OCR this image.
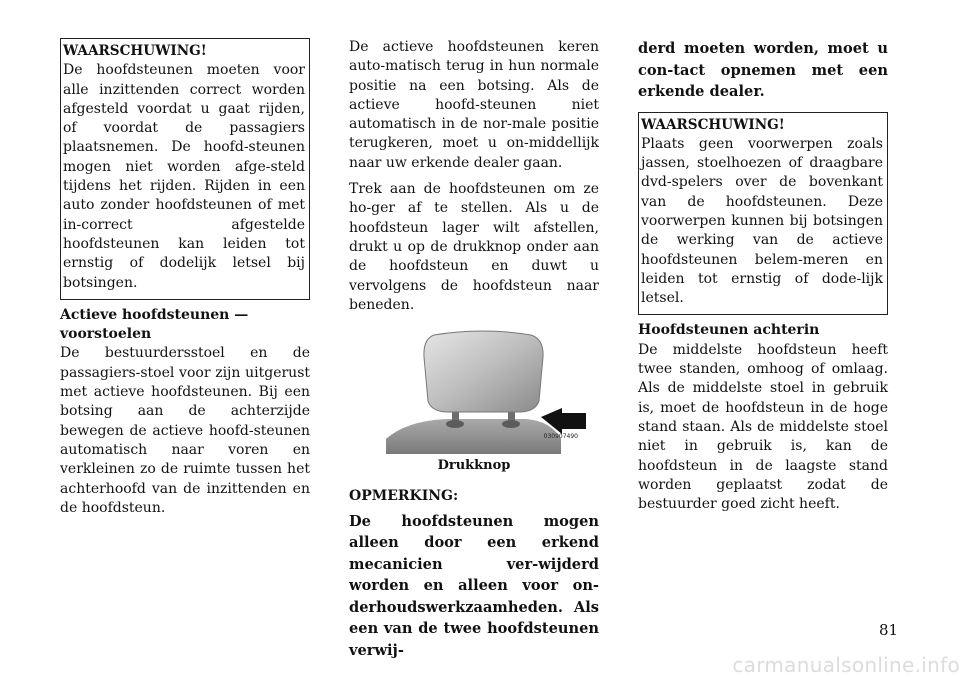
WAARSCHUWING!

De hoofdsteunen moeten voor alle inzittenden correct worden afgesteld voordat u gaat rijden, of voordat de passagiers plaatsnemen. De hoofd-steunen mogen niet worden afge-steld tijdens het rijden. Rijden in een auto zonder hoofdsteunen of met in-correct afgestelde hoofdsteunen kan leiden tot ernstig of dodelijk letsel bij botsingen.

Actieve hoofdsteunen —
voorstoelen

De bestuurdersstoel en de passagiers-stoel voor zijn uitgerust met actieve hoofdsteunen. Bij een botsing aan de achterzijde bewegen de actieve hoofd-steunen automatisch naar voren en verkleinen zo de ruimte tussen het achterhoofd van de inzittenden en de hoofdsteun.

De actieve hoofdsteunen keren auto-matisch terug in hun normale positie na een botsing. Als de actieve hoofd-steunen niet automatisch in de nor-male positie terugkeren, moet u on-middellijk naar uw erkende dealer gaan.

Trek aan de hoofdsteunen om ze ho-ger af te stellen. Als u de hoofdsteun lager wilt afstellen, drukt u op de drukknop onder aan de hoofdsteun en duwt u vervolgens de hoofdsteun naar beneden.

030907490
Drukknop
OPMERKING:

De hoofdsteunen mogen alleen door een erkend mecanicien ver-wijderd worden en alleen voor on-derhoudswerkzaamheden. Als een van de twee hoofdsteunen verwij-

derd moeten worden, moet u con-tact opnemen met een erkende dealer.

WAARSCHUWING!

Plaats geen voorwerpen zoals jassen, stoelhoezen of draagbare dvd-spelers over de bovenkant van de hoofdsteunen. Deze voorwerpen kunnen bij botsingen de werking van de actieve hoofdsteunen belem-meren en leiden tot ernstig of dode-lijk letsel.

Hoofdsteunen achterin

De middelste hoofdsteun heeft twee standen, omhoog of omlaag. Als de middelste stoel in gebruik is, moet de hoofdsteun in de hoge stand staan. Als de middelste stoel niet in gebruik is, kan de hoofdsteun in de laagste stand worden geplaatst zodat de bestuurder goed zicht heeft.

81
carmanualsonline.info
